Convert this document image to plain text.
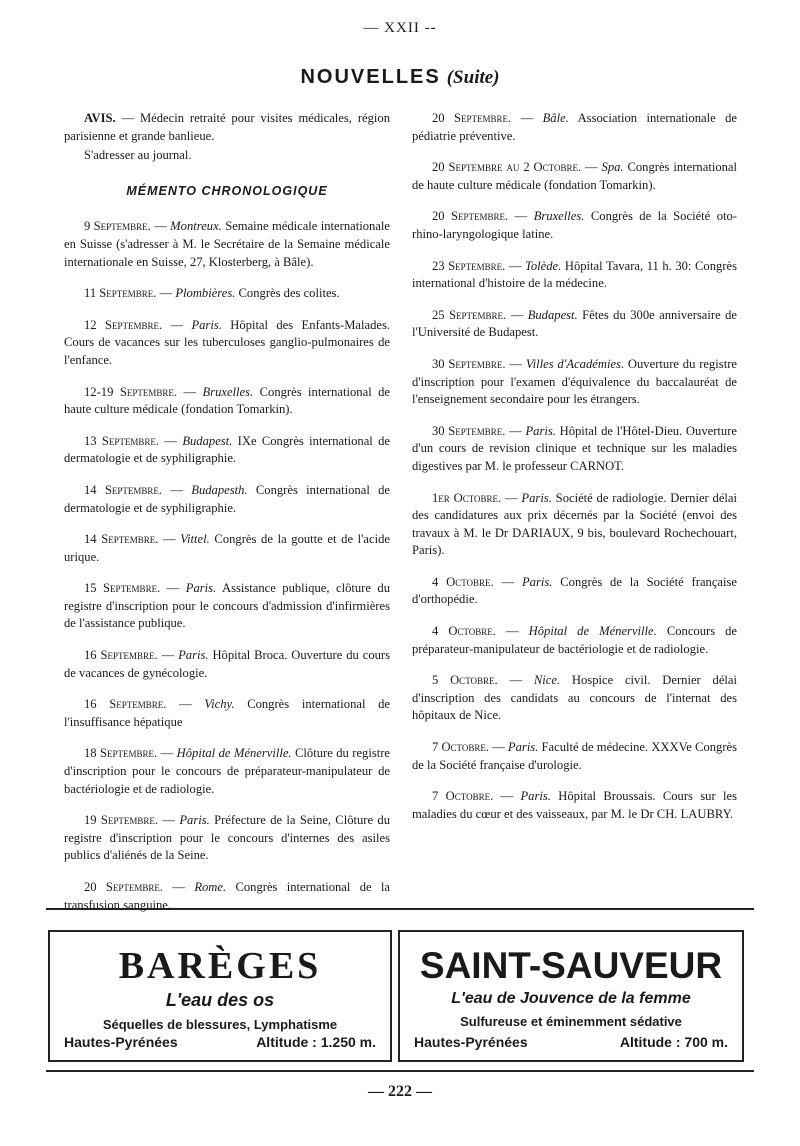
— XXII --
NOUVELLES (Suite)

AVIS. — Médecin retraité pour visites médicales, région parisienne et grande banlieue.

S'adresser au journal.

MÉMENTO CHRONOLOGIQUE

9 Septembre. — Montreux. Semaine médicale internationale en Suisse (s'adresser à M. le Secrétaire de la Semaine médicale internationale en Suisse, 27, Klosterberg, à Bâle).

11 Septembre. — Plombières. Congrès des colites.

12 Septembre. — Paris. Hôpital des Enfants-Malades. Cours de vacances sur les tuberculoses ganglio-pulmonaires de l'enfance.

12-19 Septembre. — Bruxelles. Congrès international de haute culture médicale (fondation Tomarkin).

13 Septembre. — Budapest. IXe Congrès international de dermatologie et de syphiligraphie.

14 Septembre. — Budapesth. Congrès international de dermatologie et de syphiligraphie.

14 Septembre. — Vittel. Congrès de la goutte et de l'acide urique.

15 Septembre. — Paris. Assistance publique, clôture du registre d'inscription pour le concours d'admission d'infirmières de l'assistance publique.

16 Septembre. — Paris. Hôpital Broca. Ouverture du cours de vacances de gynécologie.

16 Septembre. — Vichy. Congrès international de l'insuffisance hépatique

18 Septembre. — Hôpital de Ménerville. Clôture du registre d'inscription pour le concours de préparateur-manipulateur de bactériologie et de radiologie.

19 Septembre. — Paris. Préfecture de la Seine, Clôture du registre d'inscription pour le concours d'internes des asiles publics d'aliénés de la Seine.

20 Septembre. — Rome. Congrès international de la transfusion sanguine.

20 Septembre. — Bâle. Association internationale de pédiatrie préventive.

20 Septembre au 2 Octobre. — Spa. Congrès international de haute culture médicale (fondation Tomarkin).

20 Septembre. — Bruxelles. Congrès de la Société oto-rhino-laryngologique latine.

23 Septembre. — Tolède. Hôpital Tavara, 11 h. 30: Congrès international d'histoire de la médecine.

25 Septembre. — Budapest. Fêtes du 300e anniversaire de l'Université de Budapest.

30 Septembre. — Villes d'Académies. Ouverture du registre d'inscription pour l'examen d'équivalence du baccalauréat de l'enseignement secondaire pour les étrangers.

30 Septembre. — Paris. Hôpital de l'Hôtel-Dieu. Ouverture d'un cours de revision clinique et technique sur les maladies digestives par M. le professeur CARNOT.

1er Octobre. — Paris. Société de radiologie. Dernier délai des candidatures aux prix décernés par la Société (envoi des travaux à M. le Dr DARIAUX, 9 bis, boulevard Rochechouart, Paris).

4 Octobre. — Paris. Congrès de la Société française d'orthopédie.

4 Octobre. — Hôpital de Ménerville. Concours de préparateur-manipulateur de bactériologie et de radiologie.

5 Octobre. — Nice. Hospice civil. Dernier délai d'inscription des candidats au concours de l'internat des hôpitaux de Nice.

7 Octobre. — Paris. Faculté de médecine. XXXVe Congrès de la Société française d'urologie.

7 Octobre. — Paris. Hôpital Broussais. Cours sur les maladies du cœur et des vaisseaux, par M. le Dr CH. LAUBRY.

BARÈGES
L'eau des os
Séquelles de blessures, Lymphatisme
Hautes-Pyrénées	Altitude : 1.250 m.
SAINT-SAUVEUR
L'eau de Jouvence de la femme
Sulfureuse et éminemment sédative
Hautes-Pyrénées	Altitude : 700 m.
— 222 —
